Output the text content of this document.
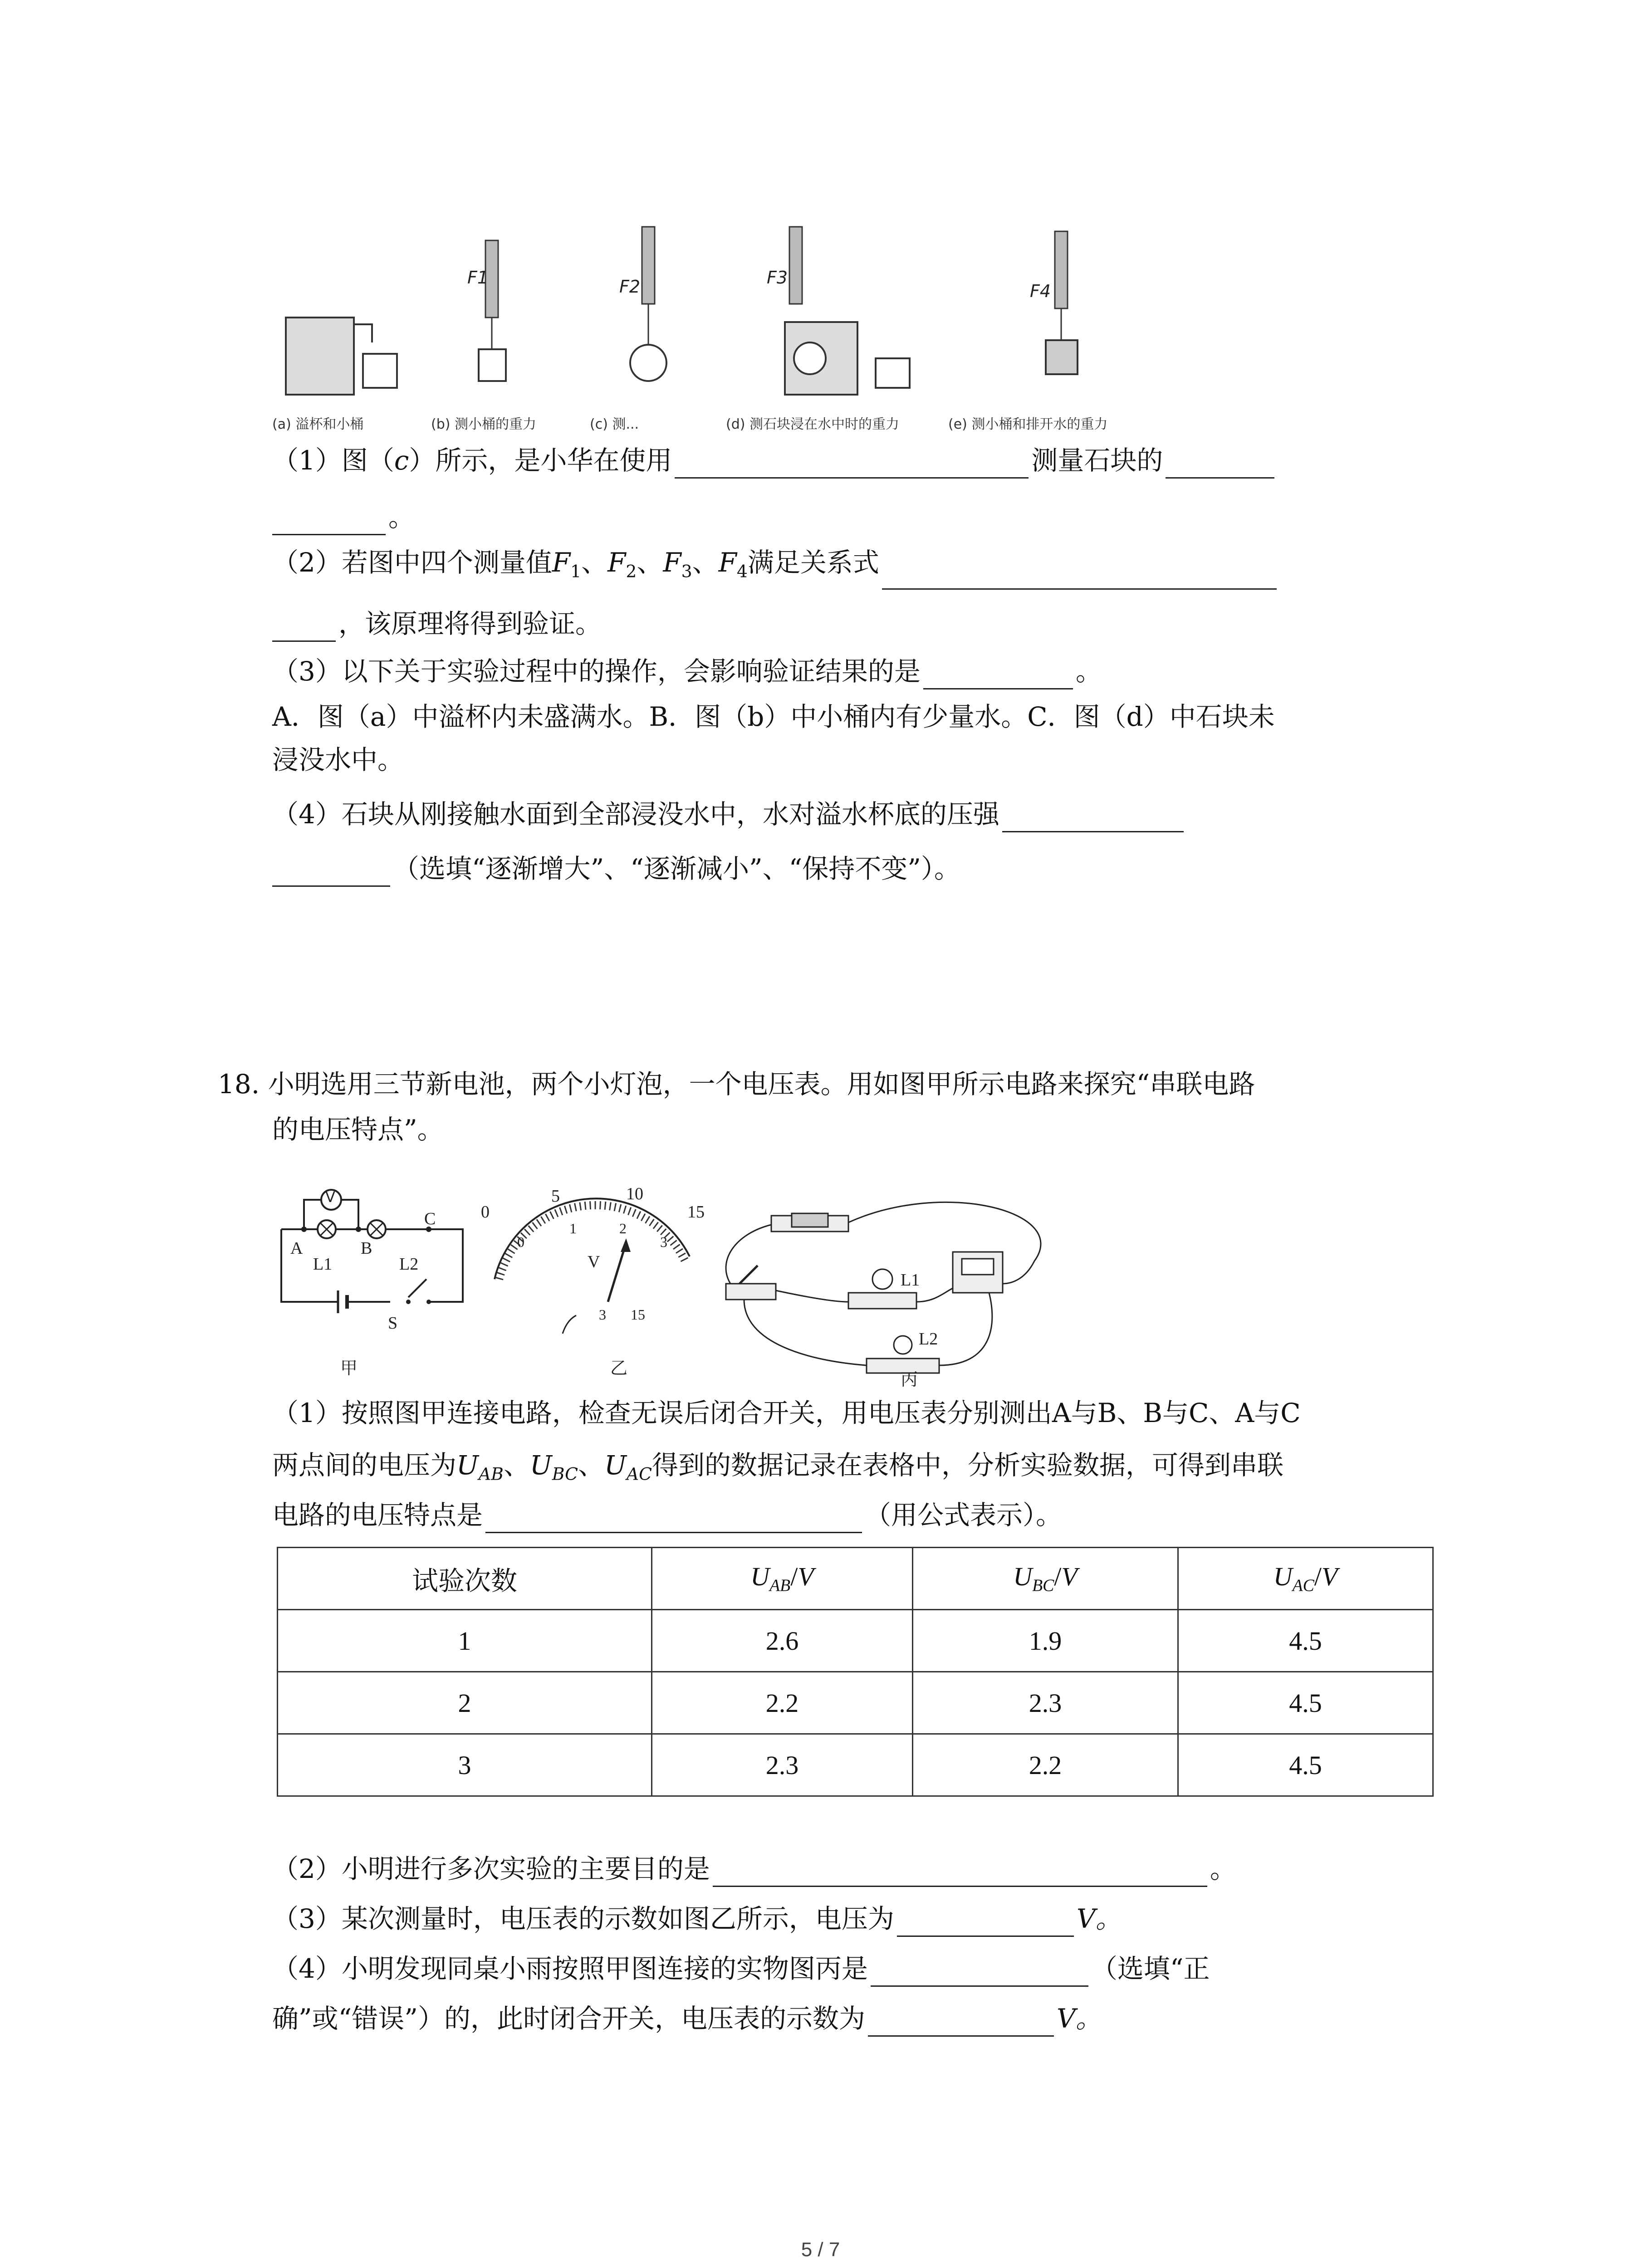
F1	F2	F3
F4
(a) 溢杯和小桶	(b) 测小桶的重力	(c) 测...	(d) 测石块浸在水中时的重力	(e) 测小桶和排开水的重力
（1）图（c）所示，是小华在使用	测量石块的
。
（2）若图中四个测量值$F_1$、$F_2$、$F_3$、$F_4$满足关系式
，该原理将得到验证。
（3）以下关于实验过程中的操作，会影响验证结果的是	。
A．图（a）中溢杯内未盛满水。B．图（b）中小桶内有少量水。C．图（d）中石块未
浸没水中。
（4）石块从刚接触水面到全部浸没水中，水对溢水杯底的压强
（选填“逐渐增大”、“逐渐减小”、“保持不变”）。
18. 小明选用三节新电池，两个小灯泡，一个电压表。用如图甲所示电路来探究“串联电路
的电压特点”。
V
A	B
C
L1	L2
S
甲
0
5	10
15
0
1	2
3
V
3 15
乙
L1
L2
丙
（1）按照图甲连接电路，检查无误后闭合开关，用电压表分别测出A与B、B与C、A与C
两点间的电压为$U_{AB}$、$U_{BC}$、$U_{AC}$得到的数据记录在表格中，分析实验数据，可得到串联
电路的电压特点是	（用公式表示）。
试验次数	$U_{AB}/V$	$U_{BC}/V$	$U_{AC}/V$
1	2.6	1.9	4.5
2	2.2	2.3	4.5
3	2.3	2.2	4.5
（2）小明进行多次实验的主要目的是	。
（3）某次测量时，电压表的示数如图乙所示，电压为	V。
（4）小明发现同桌小雨按照甲图连接的实物图丙是	（选填“正
确”或“错误”）的，此时闭合开关，电压表的示数为	V。
5 / 7
